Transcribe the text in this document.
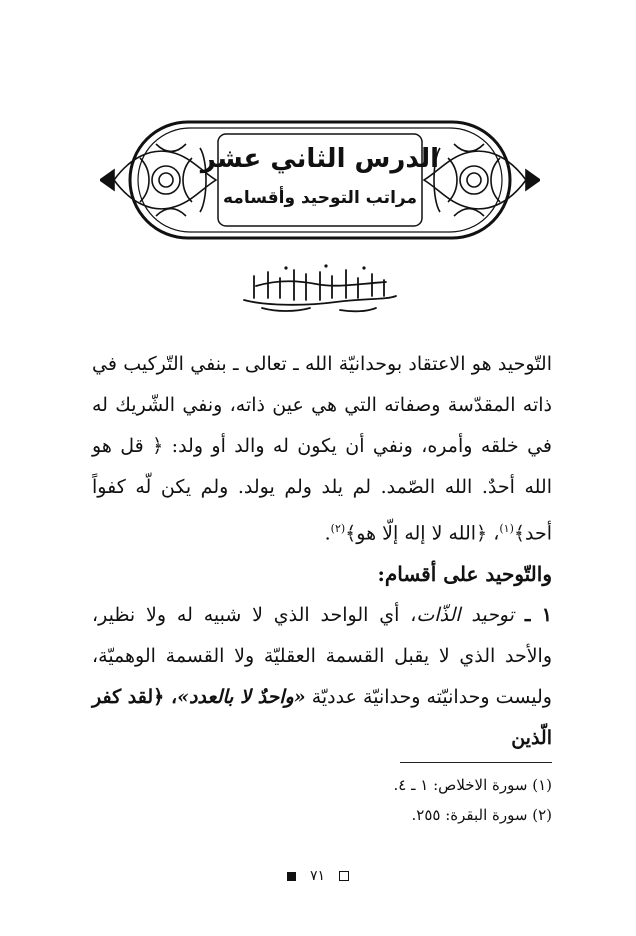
الدرس الثاني عشر
مراتب التوحيد وأقسامه

التّوحيد هو الاعتقاد بوحدانيّة الله ـ تعالى ـ بنفي التّركيب في ذاته المقدّسة وصفاته التي هي عين ذاته، ونفي الشّريك له في خلقه وأمره، ونفي أن يكون له والد أو ولد: ﴿ قل هو الله أحدٌ. الله الصّمد. لم يلد ولم يولد. ولم يكن لّه كفواً أحد﴾$^{(١)}$، ﴿الله لا إله إلّا هو﴾$^{(٢)}$.

والتّوحيد على أقسام:

١ ـ توحيد الذّات، أي الواحد الذي لا شبيه له ولا نظير، والأحد الذي لا يقبل القسمة العقليّة ولا القسمة الوهميّة، وليست وحدانيّته وحدانيّة عدديّة «واحدٌ لا بالعدد»، ﴿لقد كفر الّذين

(١) سورة الاخلاص: ١ ـ ٤.
(٢) سورة البقرة: ٢٥٥.
٧١
